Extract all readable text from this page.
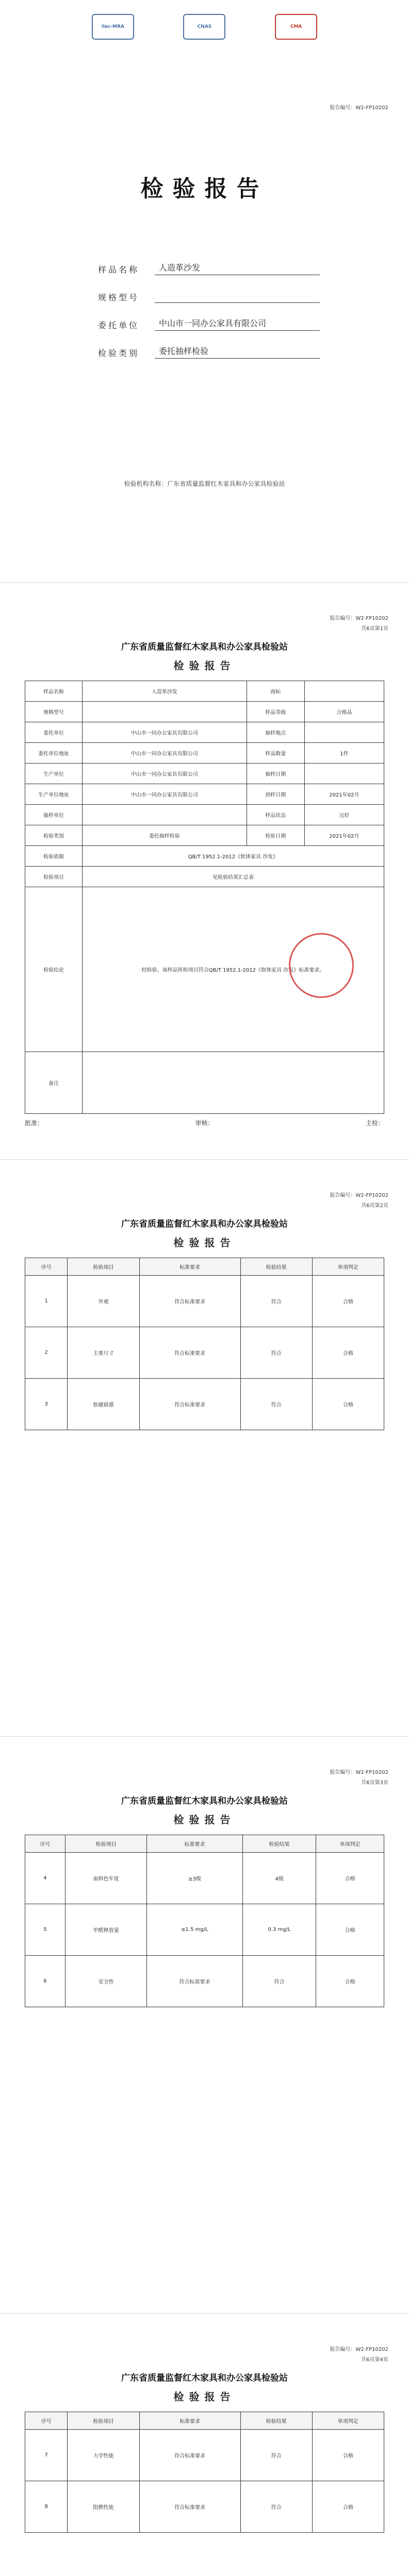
ilac-MRA	CNAS	CMA
报告编号：W2-FP10202
检验报告
样品名称	人造革沙发
规格型号
委托单位	中山市一同办公家具有限公司
检验类别	委托抽样检验
检验机构名称：广东省质量监督红木家具和办公家具检验站
报告编号：W2-FP10202
共6页第1页
广东省质量监督红木家具和办公家具检验站
检验报告
样品名称	人造革沙发	商标	
规格型号		样品等级	合格品
委托单位	中山市一同办公家具有限公司	抽样地点	
委托单位地址	中山市一同办公家具有限公司	样品数量	1件
生产单位	中山市一同办公家具有限公司	抽样日期	
生产单位地址	中山市一同办公家具有限公司	到样日期	2021年02月
抽样单位		样品状态	完好
检验类别	委托抽样检验	检验日期	2021年02月
检验依据	QB/T 1952.1-2012《软体家具 沙发》		
检验项目	见检验结果汇总表		
检验结论	经检验，该样品所检项目符合QB/T 1952.1-2012《软体家具 沙发》标准要求。		
备注			
批准：	审核：	主检：
报告编号：W2-FP10202
共6页第2页
广东省质量监督红木家具和办公家具检验站
检验报告
序号	检验项目	标准要求	检验结果	单项判定
1	外观	符合标准要求	符合	合格
2	主要尺寸	符合标准要求	符合	合格
3	软硬质感	符合标准要求	符合	合格
报告编号：W2-FP10202
共6页第3页
广东省质量监督红木家具和办公家具检验站
检验报告
序号	检验项目	标准要求	检验结果	单项判定
4	面料色牢度	≥3级	4级	合格
5	甲醛释放量	≤1.5 mg/L	0.3 mg/L	合格
6	安全性	符合标准要求	符合	合格
报告编号：W2-FP10202
共6页第4页
广东省质量监督红木家具和办公家具检验站
检验报告
序号	检验项目	标准要求	检验结果	单项判定
7	力学性能	符合标准要求	符合	合格
8	阻燃性能	符合标准要求	符合	合格
